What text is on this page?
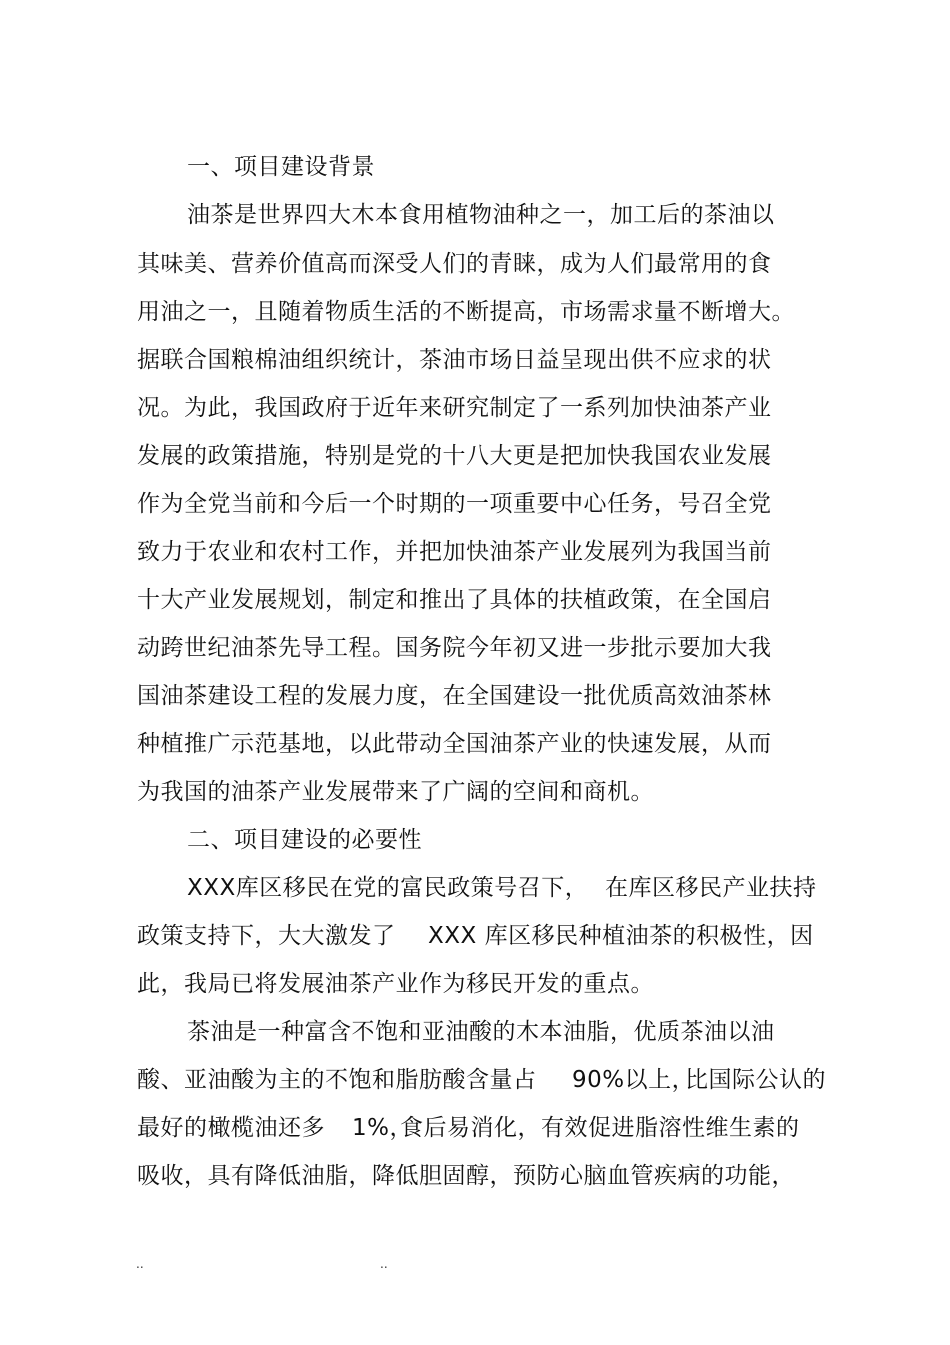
一、项目建设背景
油茶是世界四大木本食用植物油种之一，加工后的茶油以
其味美、营养价值高而深受人们的青睐，成为人们最常用的食
用油之一，且随着物质生活的不断提高，市场需求量不断增大。
据联合国粮棉油组织统计，茶油市场日益呈现出供不应求的状
况。为此，我国政府于近年来研究制定了一系列加快油茶产业
发展的政策措施，特别是党的十八大更是把加快我国农业发展
作为全党当前和今后一个时期的一项重要中心任务，号召全党
致力于农业和农村工作，并把加快油茶产业发展列为我国当前
十大产业发展规划，制定和推出了具体的扶植政策，在全国启
动跨世纪油茶先导工程。国务院今年初又进一步批示要加大我
国油茶建设工程的发展力度，在全国建设一批优质高效油茶林
种植推广示范基地，以此带动全国油茶产业的快速发展，从而
为我国的油茶产业发展带来了广阔的空间和商机。
二、项目建设的必要性
XXX库区移民在党的富民政策号召下， 在库区移民产业扶持
政策支持下，大大激发了 XXX 库区移民种植油茶的积极性，因
此，我局已将发展油茶产业作为移民开发的重点。
茶油是一种富含不饱和亚油酸的木本油脂，优质茶油以油
酸、亚油酸为主的不饱和脂肪酸含量占 90%以上，
比国际公认的
最好的橄榄油还多 1%，
食后易消化，有效促进脂溶性维生素的
吸收，具有降低油脂，降低胆固醇，预防心脑血管疾病的功能，
..	..
